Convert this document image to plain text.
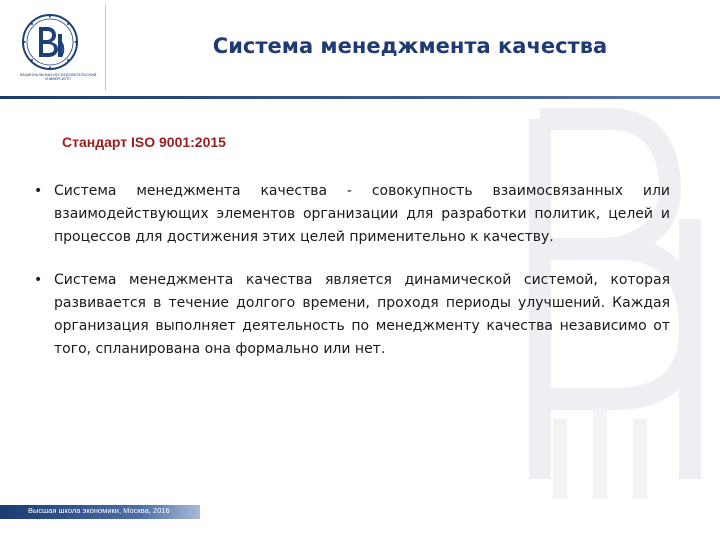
НАЦИОНАЛЬНЫЙ ИССЛЕДОВАТЕЛЬСКИЙ УНИВЕРСИТЕТ
Система менеджмента качества
Стандарт ISO 9001:2015
• Система менеджмента качества - совокупность взаимосвязанных или взаимодействующих элементов организации для разработки политик, целей и процессов для достижения этих целей применительно к качеству.
• Система менеджмента качества является динамической системой, которая развивается в течение долгого времени, проходя периоды улучшений. Каждая организация выполняет деятельность по менеджменту качества независимо от того, спланирована она формально или нет.
Высшая школа экономики, Москва, 2016
